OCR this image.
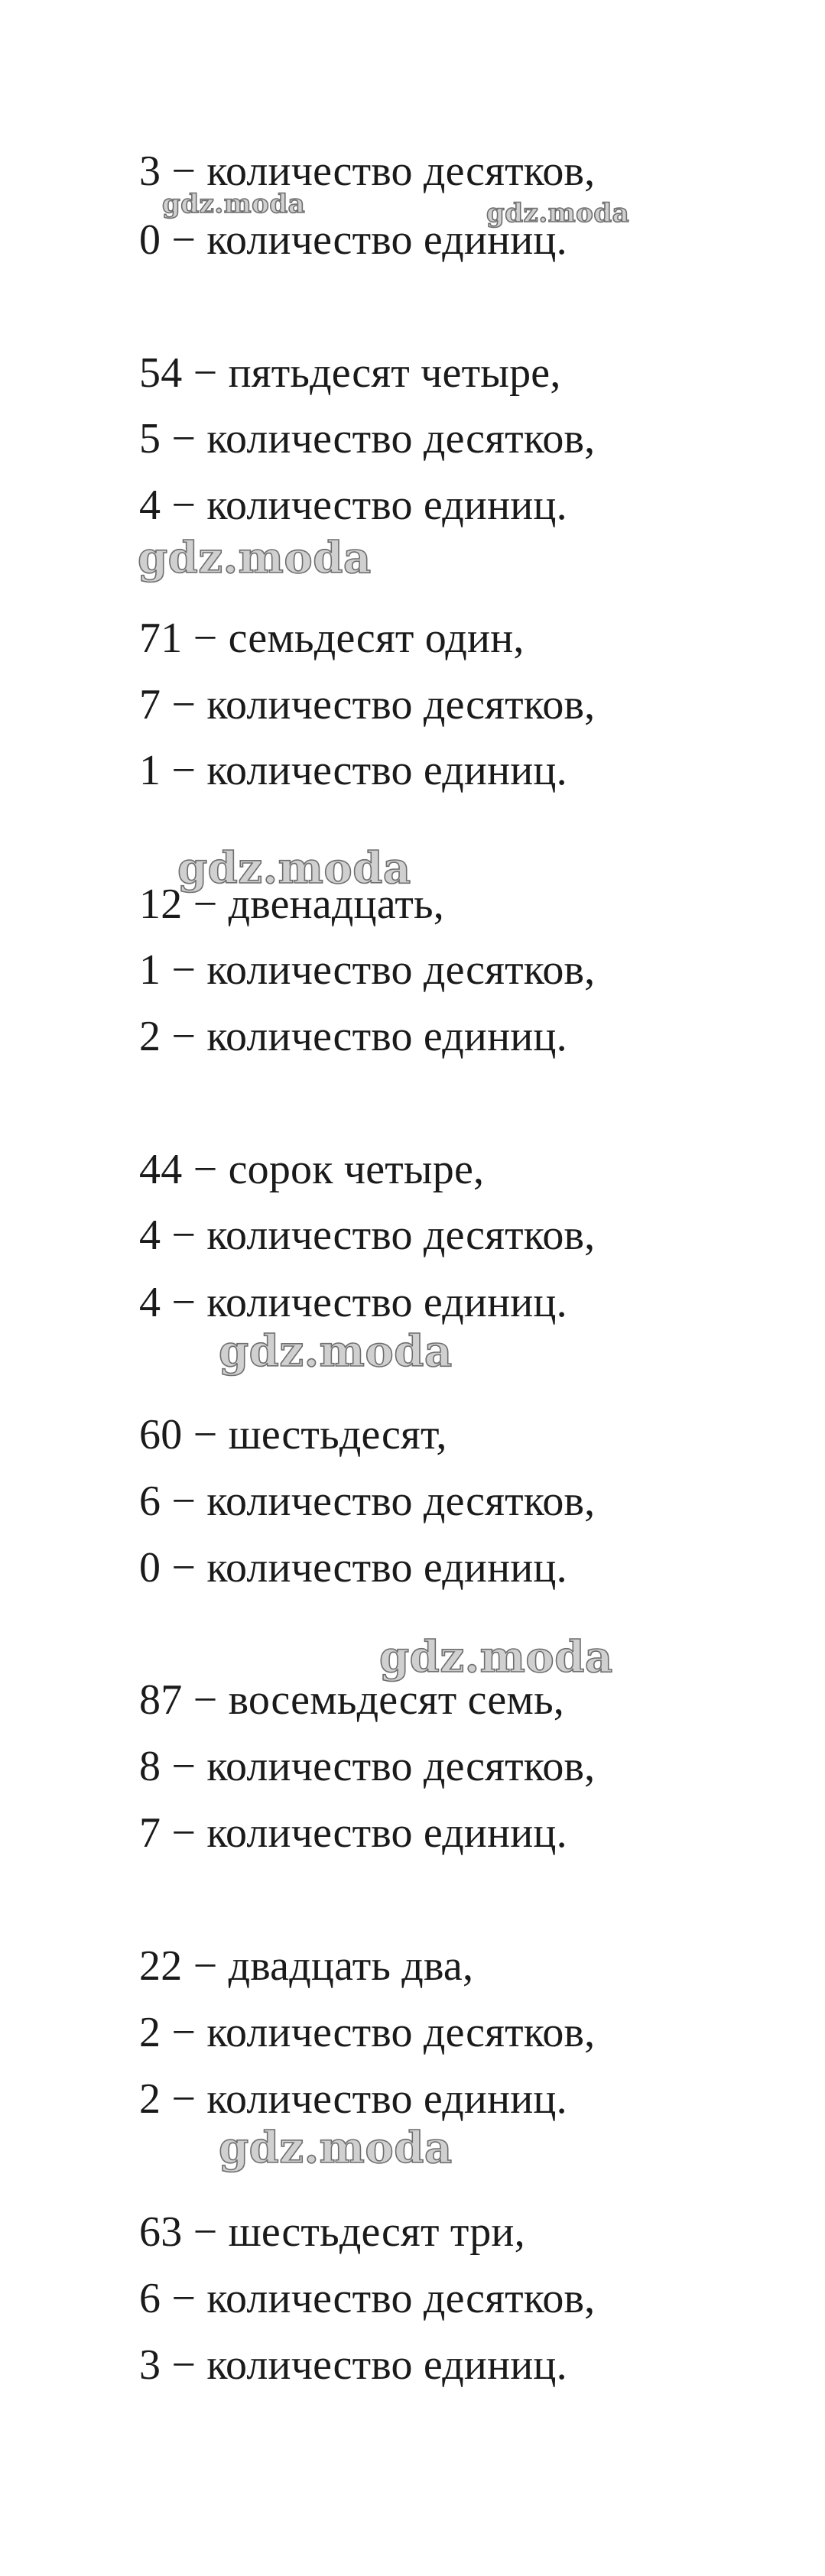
3 − количество десятков,
0 − количество единиц.
54 − пятьдесят четыре,
5 − количество десятков,
4 − количество единиц.
71 − семьдесят один,
7 − количество десятков,
1 − количество единиц.
12 − двенадцать,
1 − количество десятков,
2 − количество единиц.
44 − сорок четыре,
4 − количество десятков,
4 − количество единиц.
60 − шестьдесят,
6 − количество десятков,
0 − количество единиц.
87 − восемьдесят семь,
8 − количество десятков,
7 − количество единиц.
22 − двадцать два,
2 − количество десятков,
2 − количество единиц.
63 − шестьдесят три,
6 − количество десятков,
3 − количество единиц.
gdz.moda	gdz.moda
gdz.moda
gdz.moda
gdz.moda
gdz.moda
gdz.moda
